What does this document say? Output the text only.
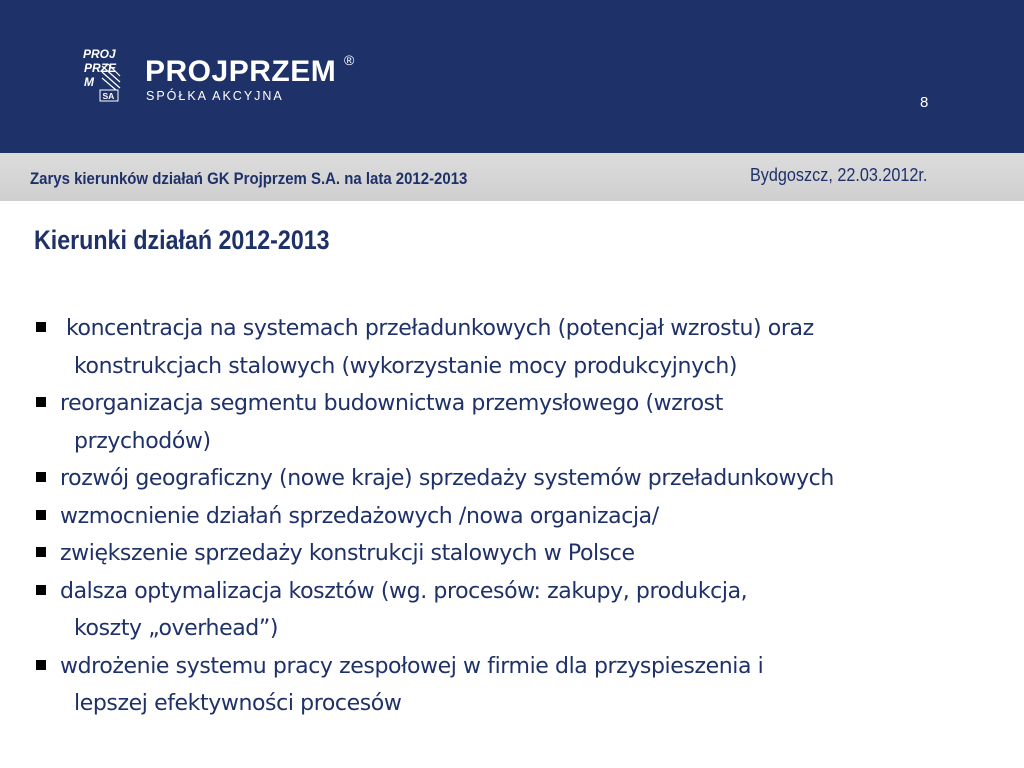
PROJ
PRZE
M
SA
PROJPRZEM ®
SPÓŁKA AKCYJNA	8
Zarys kierunków działań GK Projprzem S.A. na lata 2012-2013	Bydgoszcz, 22.03.2012r.
Kierunki działań 2012-2013
koncentracja na systemach przeładunkowych (potencjał wzrostu) oraz
konstrukcjach stalowych (wykorzystanie mocy produkcyjnych)
reorganizacja segmentu budownictwa przemysłowego (wzrost
przychodów)
rozwój geograficzny (nowe kraje) sprzedaży systemów przeładunkowych
wzmocnienie działań sprzedażowych /nowa organizacja/
zwiększenie sprzedaży konstrukcji stalowych w Polsce
dalsza optymalizacja kosztów (wg. procesów: zakupy, produkcja,
koszty „overhead”)
wdrożenie systemu pracy zespołowej w firmie dla przyspieszenia i
lepszej efektywności procesów
